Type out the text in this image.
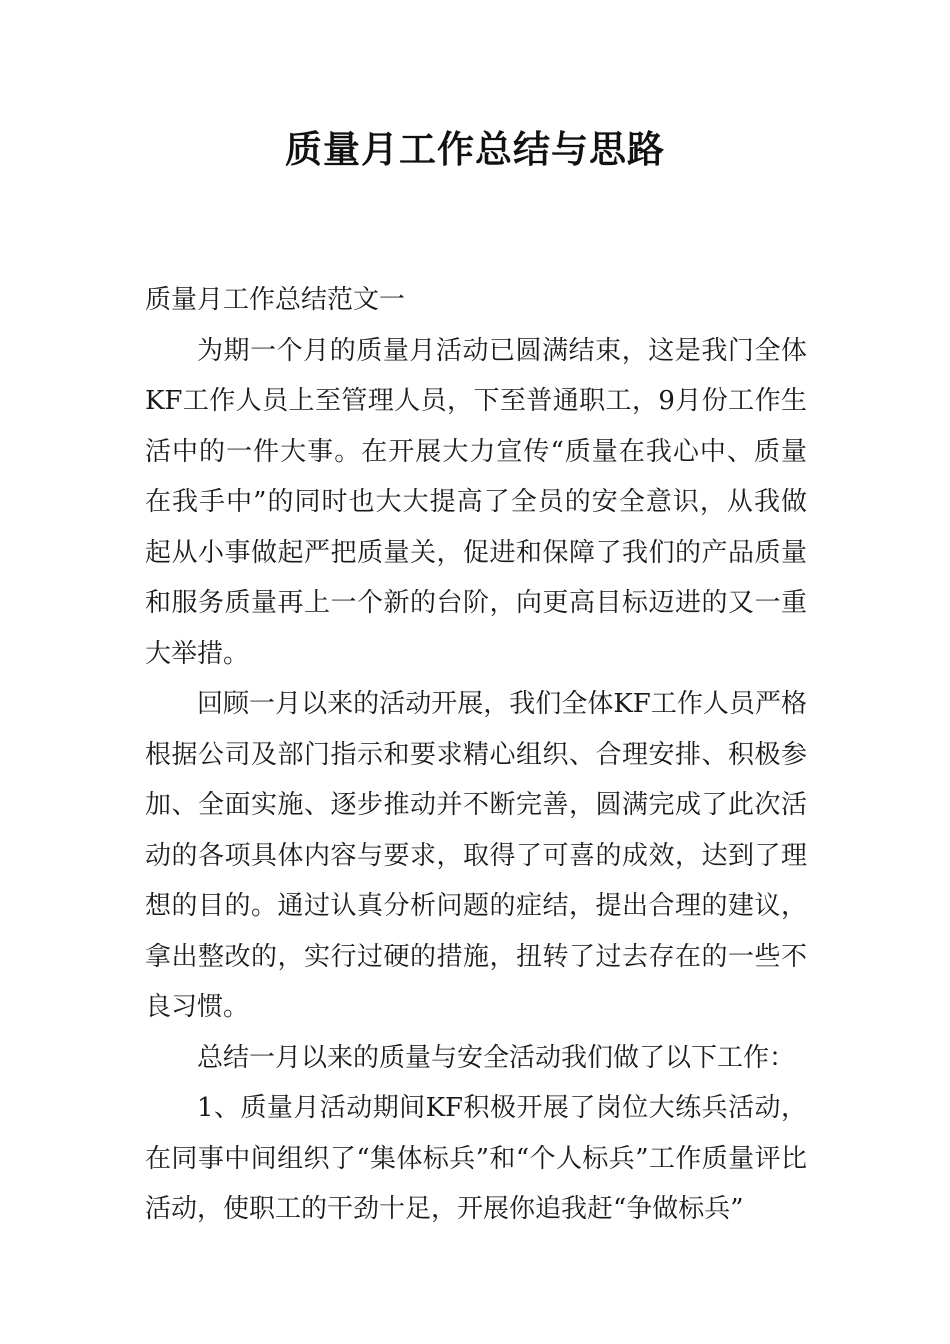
质量月工作总结与思路

质量月工作总结范文一

为期一个月的质量月活动已圆满结束，这是我门全体KF工作人员上至管理人员，下至普通职工，9月份工作生活中的一件大事。在开展大力宣传“质量在我心中、质量在我手中”的同时也大大提高了全员的安全意识，从我做起从小事做起严把质量关，促进和保障了我们的产品质量和服务质量再上一个新的台阶，向更高目标迈进的又一重大举措。

回顾一月以来的活动开展，我们全体KF工作人员严格根据公司及部门指示和要求精心组织、合理安排、积极参加、全面实施、逐步推动并不断完善，圆满完成了此次活动的各项具体内容与要求，取得了可喜的成效，达到了理想的目的。通过认真分析问题的症结，提出合理的建议，拿出整改的，实行过硬的措施，扭转了过去存在的一些不良习惯。

总结一月以来的质量与安全活动我们做了以下工作：

1、质量月活动期间KF积极开展了岗位大练兵活动，在同事中间组织了“集体标兵”和“个人标兵”工作质量评比活动，使职工的干劲十足，开展你追我赶“争做标兵”
